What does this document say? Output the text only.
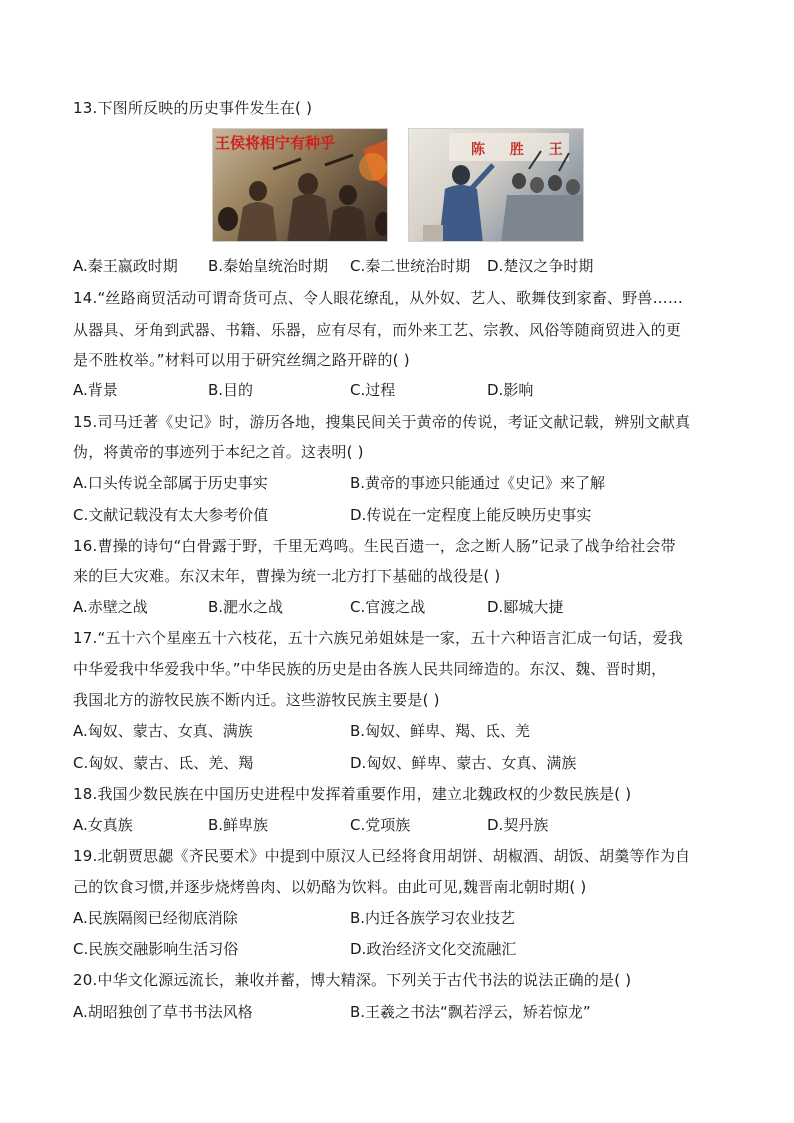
13.下图所反映的历史事件发生在( )
王侯将相宁有种乎	陈 胜 王
A.秦王嬴政时期 B.秦始皇统治时期 C.秦二世统治时期 D.楚汉之争时期
14.“丝路商贸活动可谓奇货可点、令人眼花缭乱，从外奴、艺人、歌舞伎到家畜、野兽……
从器具、牙角到武器、书籍、乐器，应有尽有，而外来工艺、宗教、风俗等随商贸进入的更
是不胜枚举。”材料可以用于研究丝绸之路开辟的( )
A.背景	B.目的	C.过程	D.影响
15.司马迁著《史记》时，游历各地，搜集民间关于黄帝的传说，考证文献记载，辨别文献真
伪，将黄帝的事迹列于本纪之首。这表明( )
A.口头传说全部属于历史事实	B.黄帝的事迹只能通过《史记》来了解
C.文献记载没有太大参考价值	D.传说在一定程度上能反映历史事实
16.曹操的诗句“白骨露于野，千里无鸡鸣。生民百遗一，念之断人肠”记录了战争给社会带
来的巨大灾难。东汉末年，曹操为统一北方打下基础的战役是( )
A.赤壁之战	B.淝水之战	C.官渡之战	D.郾城大捷
17.“五十六个星座五十六枝花，五十六族兄弟姐妹是一家，五十六种语言汇成一句话，爱我
中华爱我中华爱我中华。”中华民族的历史是由各族人民共同缔造的。东汉、魏、晋时期，
我国北方的游牧民族不断内迁。这些游牧民族主要是( )
A.匈奴、蒙古、女真、满族	B.匈奴、鲜卑、羯、氐、羌
C.匈奴、蒙古、氐、羌、羯	D.匈奴、鲜卑、蒙古、女真、满族
18.我国少数民族在中国历史进程中发挥着重要作用，建立北魏政权的少数民族是( )
A.女真族	B.鲜卑族	C.党项族	D.契丹族
19.北朝贾思勰《齐民要术》中提到中原汉人已经将食用胡饼、胡椒酒、胡饭、胡羹等作为自
己的饮食习惯,并逐步烧烤兽肉、以奶酪为饮料。由此可见,魏晋南北朝时期( )
A.民族隔阂已经彻底消除	B.内迁各族学习农业技艺
C.民族交融影响生活习俗	D.政治经济文化交流融汇
20.中华文化源远流长，兼收并蓄，博大精深。下列关于古代书法的说法正确的是( )
A.胡昭独创了草书书法风格	B.王羲之书法“飘若浮云，矫若惊龙”
